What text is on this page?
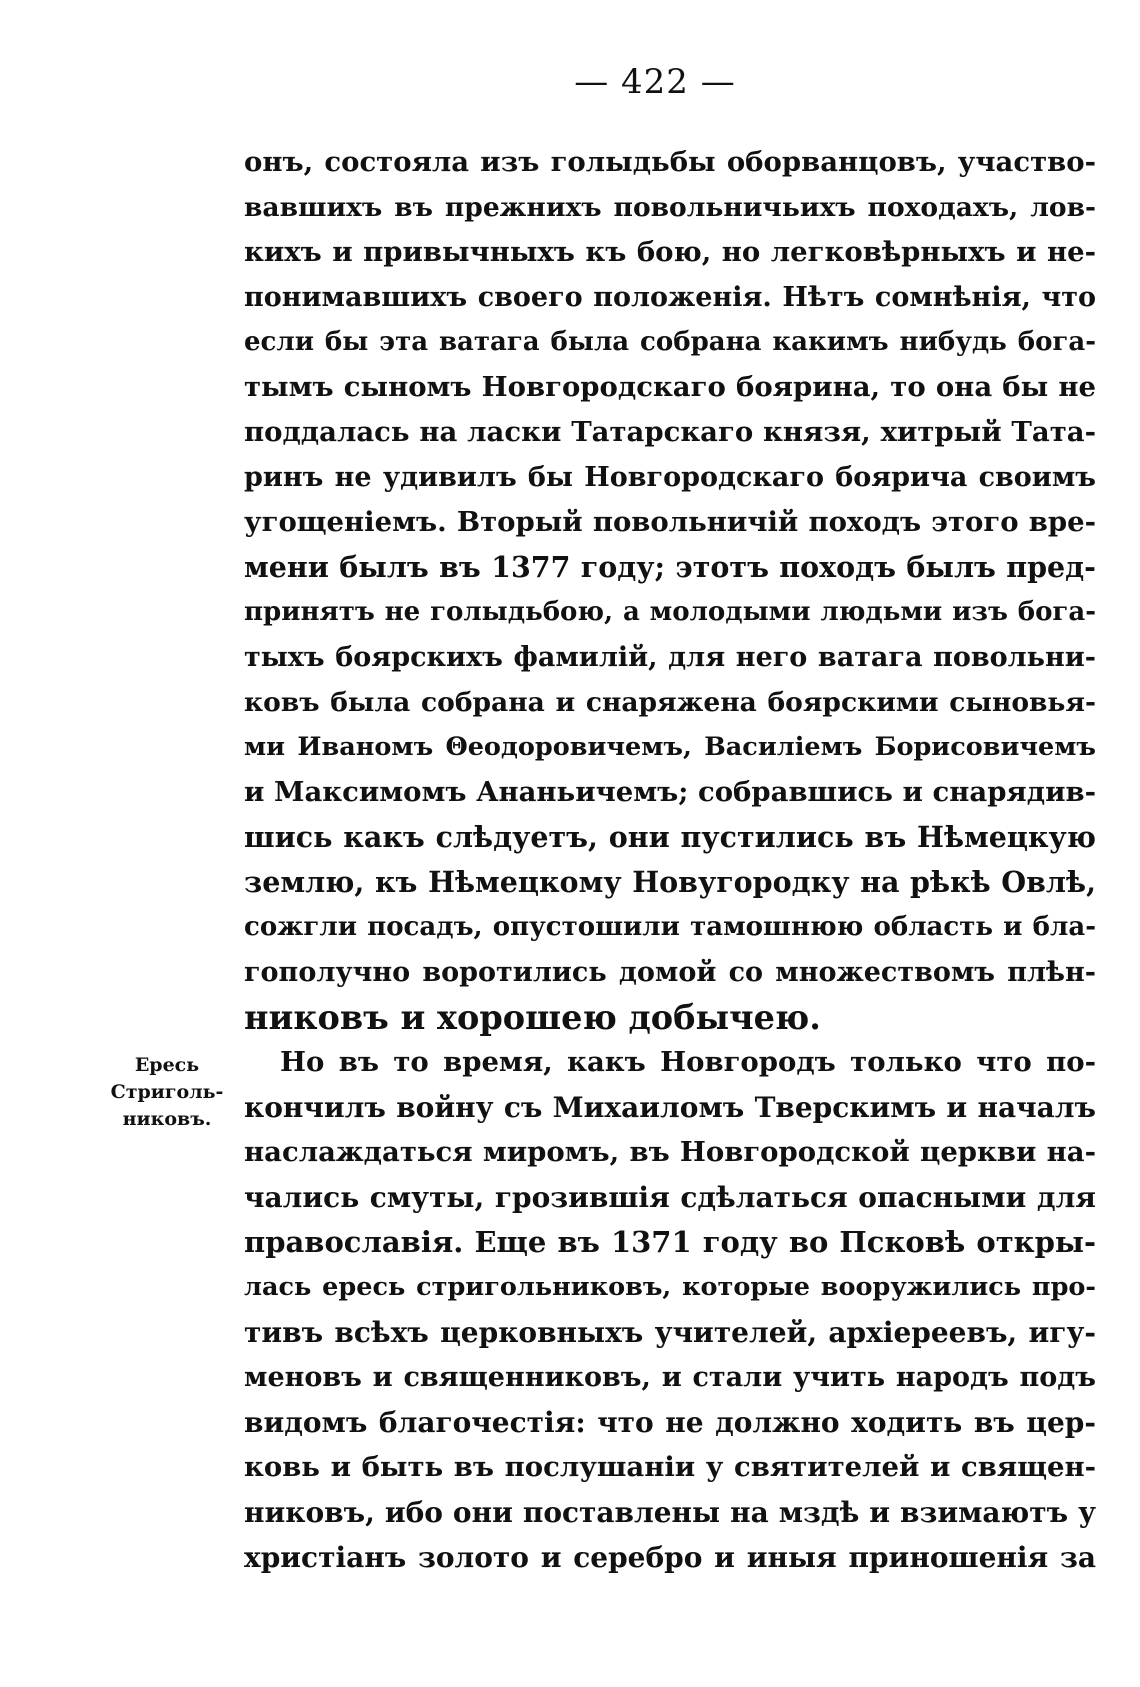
— 422 —
Ересь
Стриголь-
никовъ.
онъ, состояла изъ голыдьбы оборванцовъ, участво-
вавшихъ въ прежнихъ повольничьихъ походахъ, лов-
кихъ и привычныхъ къ бою, но легковѣрныхъ и не-
понимавшихъ своего положенія. Нѣтъ сомнѣнія, что
если бы эта ватага была собрана какимъ нибудь бога-
тымъ сыномъ Новгородскаго боярина, то она бы не
поддалась на ласки Татарскаго князя, хитрый Тата-
ринъ не удивилъ бы Новгородскаго боярича своимъ
угощеніемъ. Вторый повольничій походъ этого вре-
мени былъ въ 1377 году; этотъ походъ былъ пред-
принятъ не голыдьбою, а молодыми людьми изъ бога-
тыхъ боярскихъ фамилій, для него ватага повольни-
ковъ была собрана и снаряжена боярскими сыновья-
ми Иваномъ Θеодоровичемъ, Василіемъ Борисовичемъ
и Максимомъ Ананьичемъ; собравшись и снарядив-
шись какъ слѣдуетъ, они пустились въ Нѣмецкую
землю, къ Нѣмецкому Новугородку на рѣкѣ Овлѣ,
сожгли посадъ, опустошили тамошнюю область и бла-
гополучно воротились домой со множествомъ плѣн-
никовъ и хорошею добычею.
Но въ то время, какъ Новгородъ только что по-
кончилъ войну съ Михаиломъ Тверскимъ и началъ
наслаждаться миромъ, въ Новгородской церкви на-
чались смуты, грозившія сдѣлаться опасными для
православія. Еще въ 1371 году во Псковѣ откры-
лась ересь стригольниковъ, которые вооружились про-
тивъ всѣхъ церковныхъ учителей, архіереевъ, игу-
меновъ и священниковъ, и стали учить народъ подъ
видомъ благочестія: что не должно ходить въ цер-
ковь и быть въ послушаніи у святителей и священ-
никовъ, ибо они поставлены на мздѣ и взимаютъ у
христіанъ золото и серебро и иныя приношенія за
